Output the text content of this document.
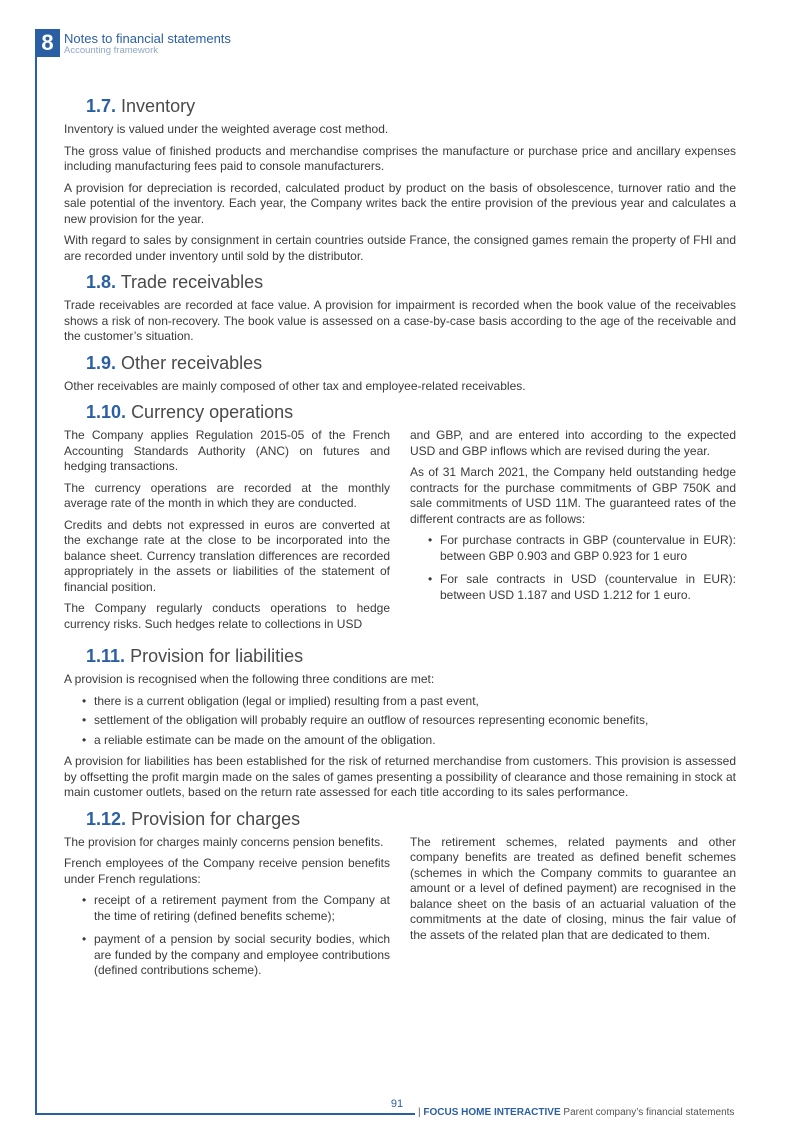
8 Notes to financial statements
Accounting framework
1.7. Inventory

Inventory is valued under the weighted average cost method.

The gross value of finished products and merchandise comprises the manufacture or purchase price and ancillary expenses including manufacturing fees paid to console manufacturers.

A provision for depreciation is recorded, calculated product by product on the basis of obsolescence, turnover ratio and the sale potential of the inventory. Each year, the Company writes back the entire provision of the previous year and calculates a new provision for the year.

With regard to sales by consignment in certain countries outside France, the consigned games remain the property of FHI and are recorded under inventory until sold by the distributor.

1.8. Trade receivables

Trade receivables are recorded at face value. A provision for impairment is recorded when the book value of the receivables shows a risk of non-recovery. The book value is assessed on a case-by-case basis according to the age of the receivable and the customer’s situation.

1.9. Other receivables

Other receivables are mainly composed of other tax and employee-related receivables.

1.10. Currency operations

The Company applies Regulation 2015-05 of the French Accounting Standards Authority (ANC) on futures and hedging transactions.

The currency operations are recorded at the monthly average rate of the month in which they are conducted.

Credits and debts not expressed in euros are converted at the exchange rate at the close to be incorporated into the balance sheet. Currency translation differences are recorded appropriately in the assets or liabilities of the statement of financial position.

The Company regularly conducts operations to hedge currency risks. Such hedges relate to collections in USD

and GBP, and are entered into according to the expected USD and GBP inflows which are revised during the year.

As of 31 March 2021, the Company held outstanding hedge contracts for the purchase commitments of GBP 750K and sale commitments of USD 11M. The guaranteed rates of the different contracts are as follows:

• For purchase contracts in GBP (countervalue in EUR): between GBP 0.903 and GBP 0.923 for 1 euro
• For sale contracts in USD (countervalue in EUR): between USD 1.187 and USD 1.212 for 1 euro.
1.11. Provision for liabilities

A provision is recognised when the following three conditions are met:

• there is a current obligation (legal or implied) resulting from a past event,
• settlement of the obligation will probably require an outflow of resources representing economic benefits,
• a reliable estimate can be made on the amount of the obligation.

A provision for liabilities has been established for the risk of returned merchandise from customers. This provision is assessed by offsetting the profit margin made on the sales of games presenting a possibility of clearance and those remaining in stock at main customer outlets, based on the return rate assessed for each title according to its sales performance.

1.12. Provision for charges

The provision for charges mainly concerns pension benefits.

French employees of the Company receive pension benefits under French regulations:

• receipt of a retirement payment from the Company at the time of retiring (defined benefits scheme);
• payment of a pension by social security bodies, which are funded by the company and employee contributions (defined contributions scheme).

The retirement schemes, related payments and other company benefits are treated as defined benefit schemes (schemes in which the Company commits to guarantee an amount or a level of defined payment) are recognised in the balance sheet on the basis of an actuarial valuation of the commitments at the date of closing, minus the fair value of the assets of the related plan that are dedicated to them.

91
| FOCUS HOME INTERACTIVE Parent company’s financial statements
